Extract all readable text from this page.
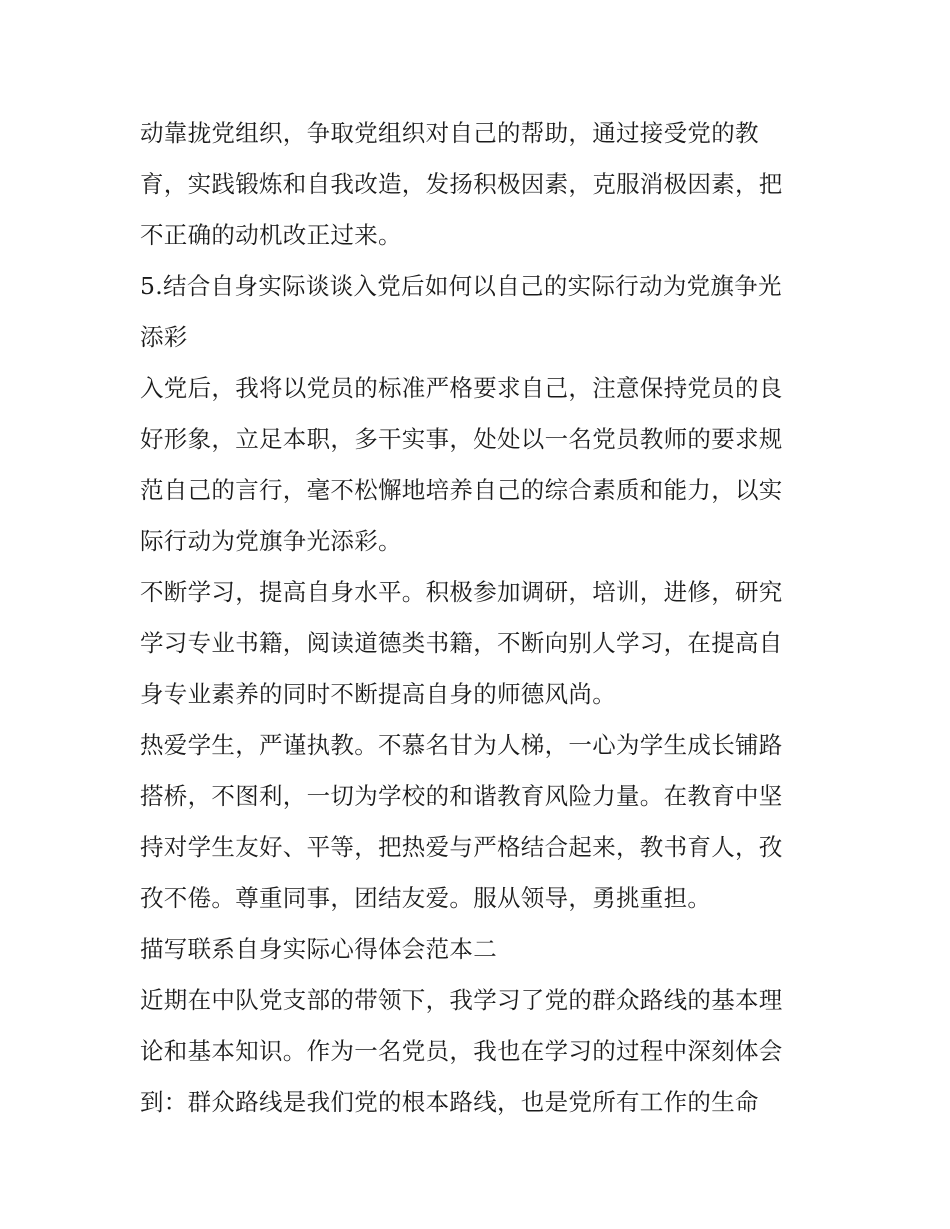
动靠拢党组织，争取党组织对自己的帮助，通过接受党的教
育，实践锻炼和自我改造，发扬积极因素，克服消极因素，把
不正确的动机改正过来。
5.结合自身实际谈谈入党后如何以自己的实际行动为党旗争光
添彩
入党后，我将以党员的标准严格要求自己，注意保持党员的良
好形象，立足本职，多干实事，处处以一名党员教师的要求规
范自己的言行，毫不松懈地培养自己的综合素质和能力，以实
际行动为党旗争光添彩。
不断学习，提高自身水平。积极参加调研，培训，进修，研究
学习专业书籍，阅读道德类书籍，不断向别人学习，在提高自
身专业素养的同时不断提高自身的师德风尚。
热爱学生，严谨执教。不慕名甘为人梯，一心为学生成长铺路
搭桥，不图利，一切为学校的和谐教育风险力量。在教育中坚
持对学生友好、平等，把热爱与严格结合起来，教书育人，孜
孜不倦。尊重同事，团结友爱。服从领导，勇挑重担。
描写联系自身实际心得体会范本二
近期在中队党支部的带领下，我学习了党的群众路线的基本理
论和基本知识。作为一名党员，我也在学习的过程中深刻体会
到：群众路线是我们党的根本路线，也是党所有工作的生命
